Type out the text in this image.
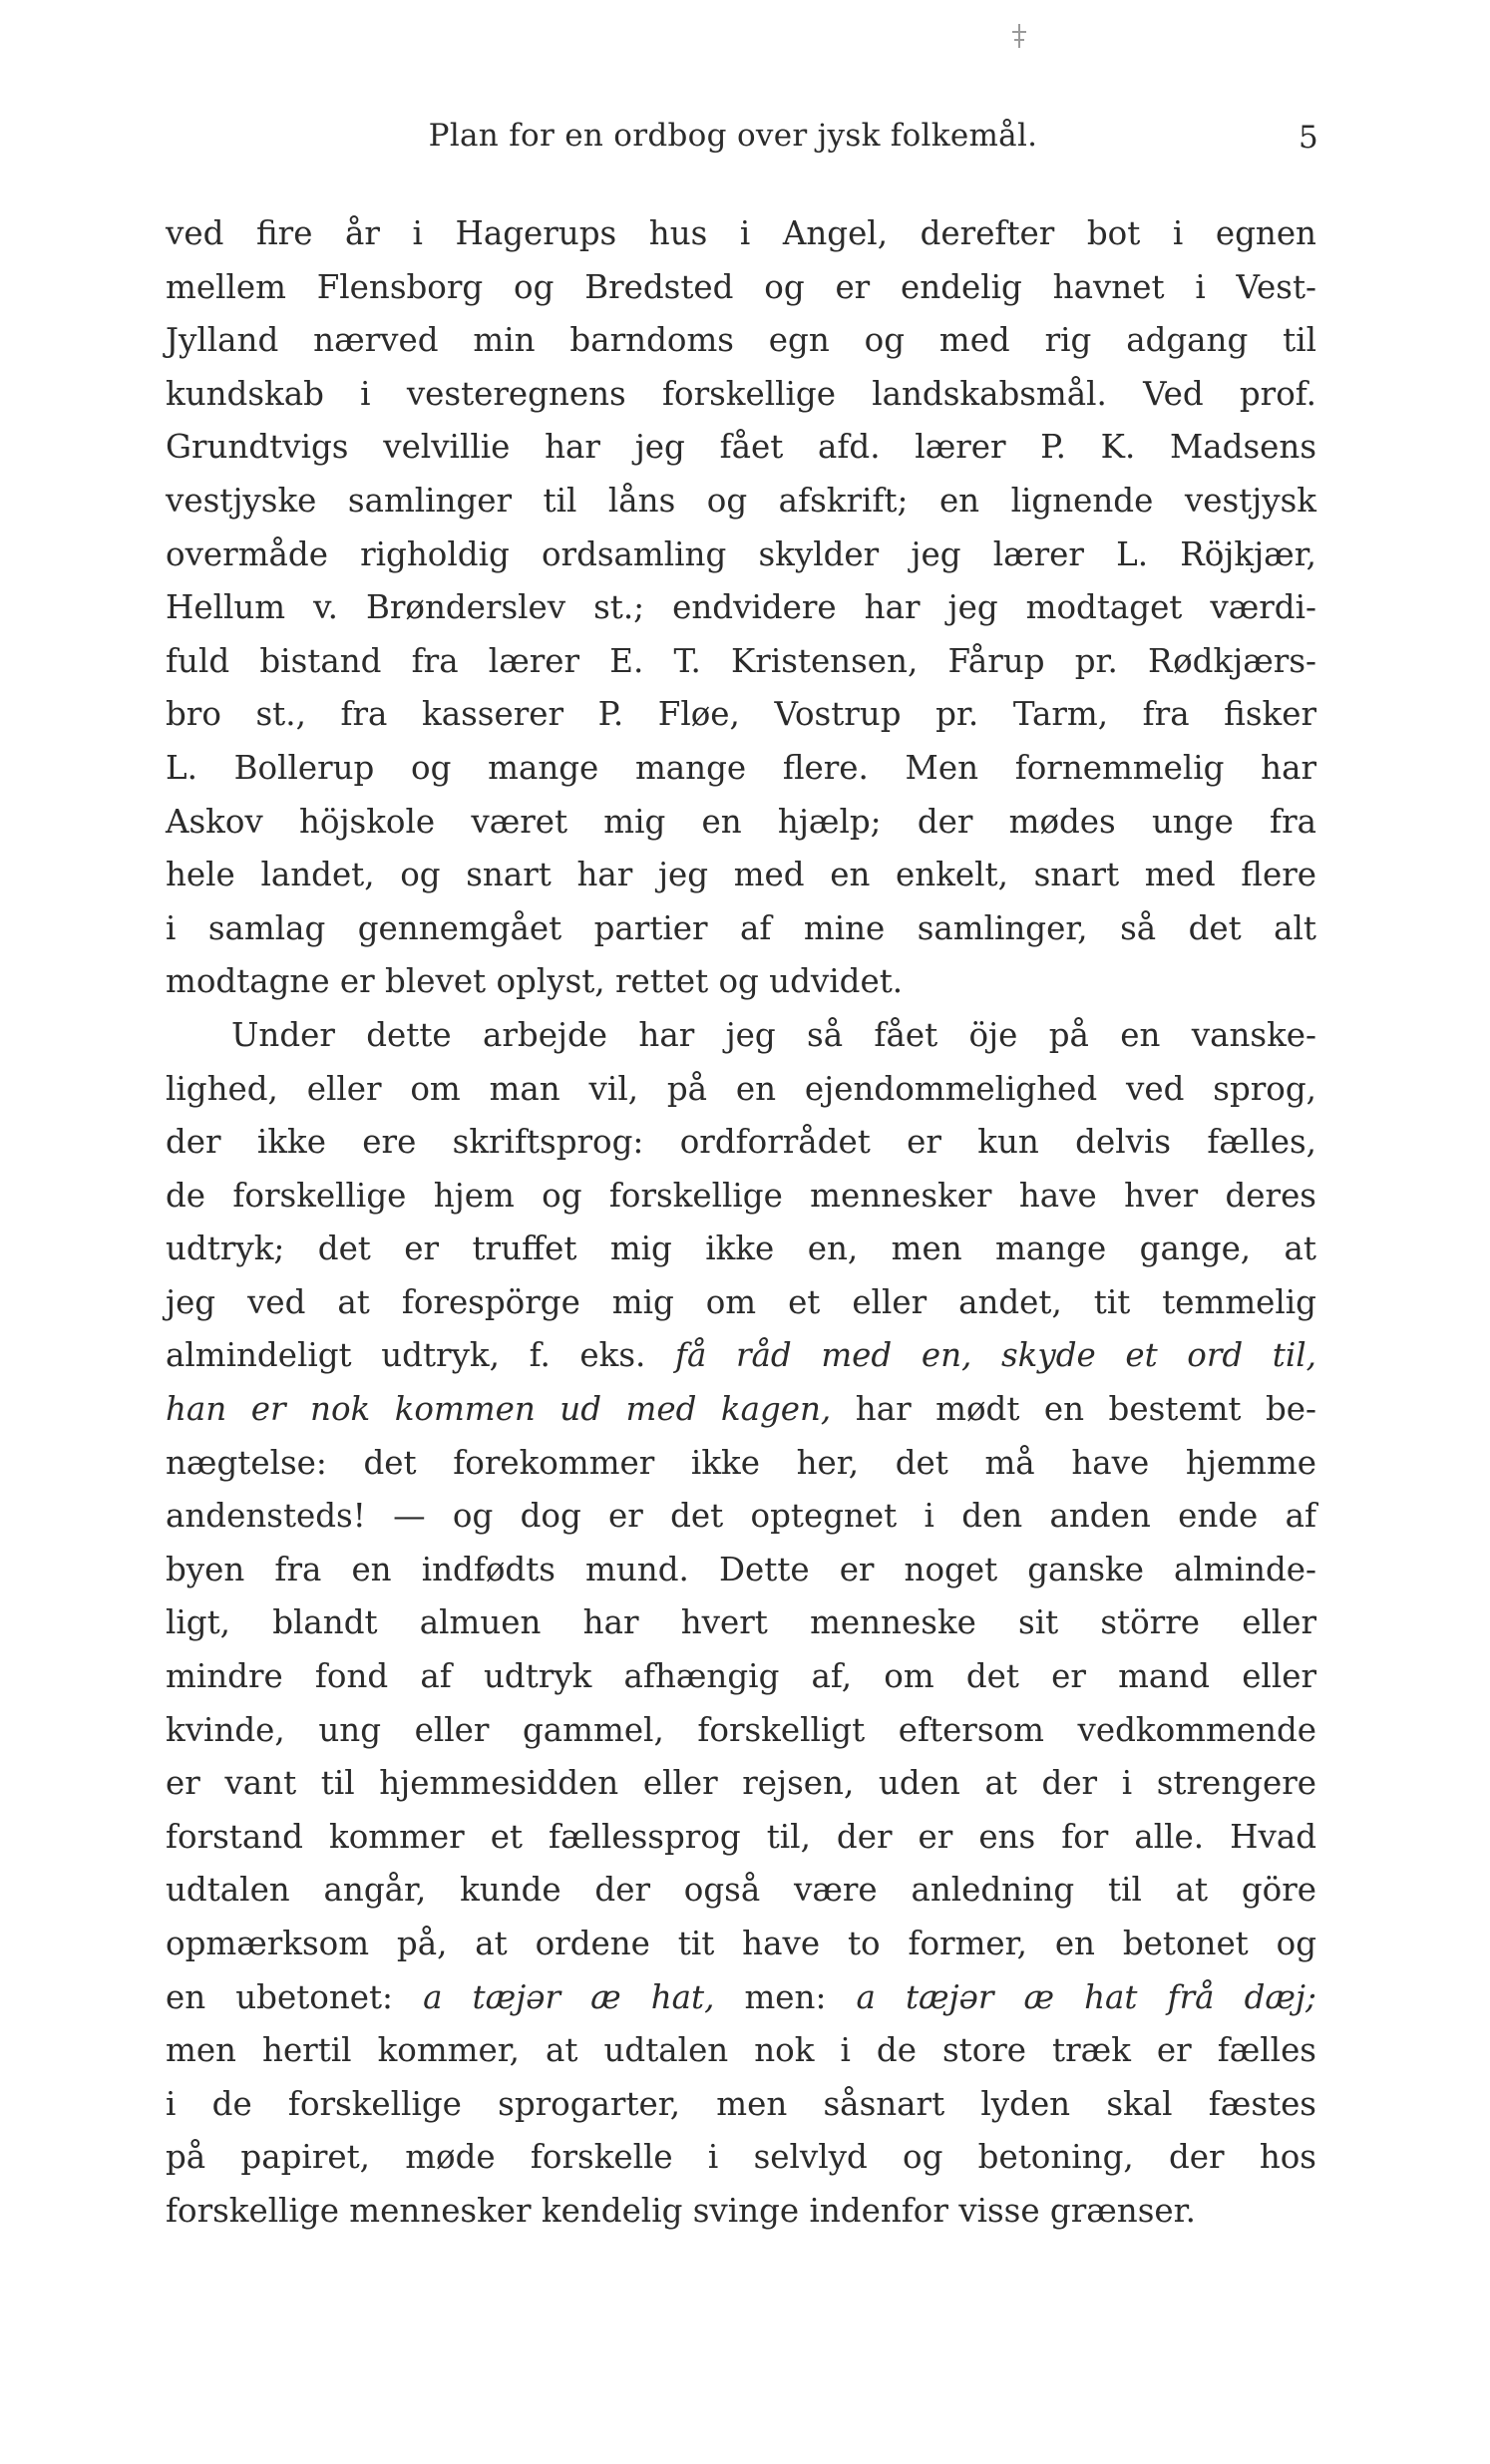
Plan for en ordbog over jysk folkemål.	5
ved fire år i Hagerups hus i Angel, derefter bot i egnen
mellem Flensborg og Bredsted og er endelig havnet i Vest-
Jylland nærved min barndoms egn og med rig adgang til
kundskab i vesteregnens forskellige landskabsmål. Ved prof.
Grundtvigs velvillie har jeg fået afd. lærer P. K. Madsens
vestjyske samlinger til låns og afskrift; en lignende vestjysk
overmåde righoldig ordsamling skylder jeg lærer L. Röjkjær,
Hellum v. Brønderslev st.; endvidere har jeg modtaget værdi-
fuld bistand fra lærer E. T. Kristensen, Fårup pr. Rødkjærs-
bro st., fra kasserer P. Fløe, Vostrup pr. Tarm, fra fisker
L. Bollerup og mange mange flere. Men fornemmelig har
Askov höjskole været mig en hjælp; der mødes unge fra
hele landet, og snart har jeg med en enkelt, snart med flere
i samlag gennemgået partier af mine samlinger, så det alt
modtagne er blevet oplyst, rettet og udvidet.
Under dette arbejde har jeg så fået öje på en vanske-
lighed, eller om man vil, på en ejendommelighed ved sprog,
der ikke ere skriftsprog: ordforrådet er kun delvis fælles,
de forskellige hjem og forskellige mennesker have hver deres
udtryk; det er truffet mig ikke en, men mange gange, at
jeg ved at forespörge mig om et eller andet, tit temmelig
almindeligt udtryk, f. eks. få råd med en, skyde et ord til,
han er nok kommen ud med kagen, har mødt en bestemt be-
nægtelse: det forekommer ikke her, det må have hjemme
andensteds! — og dog er det optegnet i den anden ende af
byen fra en indfødts mund. Dette er noget ganske alminde-
ligt, blandt almuen har hvert menneske sit större eller
mindre fond af udtryk afhængig af, om det er mand eller
kvinde, ung eller gammel, forskelligt eftersom vedkommende
er vant til hjemmesidden eller rejsen, uden at der i strengere
forstand kommer et fællessprog til, der er ens for alle. Hvad
udtalen angår, kunde der også være anledning til at göre
opmærksom på, at ordene tit have to former, en betonet og
en ubetonet: a tæjər æ hat, men: a tæjər æ hat frå dæj;
men hertil kommer, at udtalen nok i de store træk er fælles
i de forskellige sprogarter, men såsnart lyden skal fæstes
på papiret, møde forskelle i selvlyd og betoning, der hos
forskellige mennesker kendelig svinge indenfor visse grænser.
